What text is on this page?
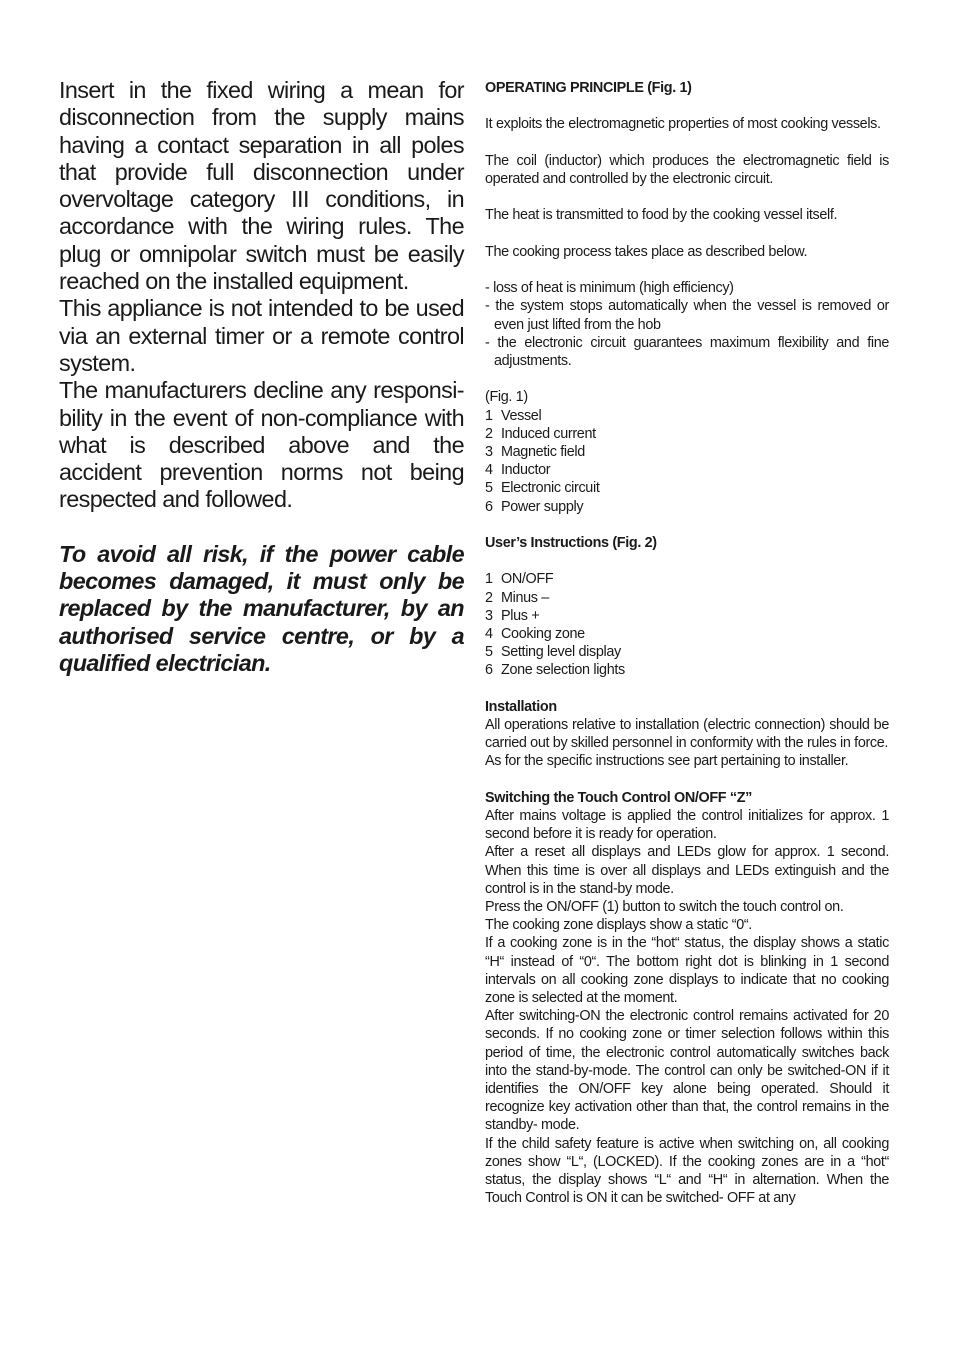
Insert in the fixed wiring a mean for disconnection from the supply mains having a contact separation in all poles that provide full disconnection under overvoltage category III conditions, in accordance with the wiring rules. The plug or omnipolar switch must be easily reached on the installed equipment.

This appliance is not intended to be used via an external timer or a remote control system.

The manufacturers decline any responsi-bility in the event of non-compliance with what is described above and the accident prevention norms not being respected and followed.

To avoid all risk, if the power cable becomes damaged, it must only be replaced by the manufacturer, by an authorised service centre, or by a qualified electrician.

OPERATING PRINCIPLE (Fig. 1)

It exploits the electromagnetic properties of most cooking vessels.

The coil (inductor) which produces the electromagnetic field is operated and controlled by the electronic circuit.

The heat is transmitted to food by the cooking vessel itself.

The cooking process takes place as described below.

- loss of heat is minimum (high efficiency)
- the system stops automatically when the vessel is removed or even just lifted from the hob
- the electronic circuit guarantees maximum flexibility and fine adjustments.

(Fig. 1)

1 Vessel
2 Induced current
3 Magnetic field
4 Inductor
5 Electronic circuit
6 Power supply

User’s Instructions (Fig. 2)

1 ON/OFF
2 Minus –
3 Plus +
4 Cooking zone
5 Setting level display
6 Zone selection lights

Installation

All operations relative to installation (electric connection) should be carried out by skilled personnel in conformity with the rules in force.

As for the specific instructions see part pertaining to installer.

Switching the Touch Control ON/OFF “Z”

After mains voltage is applied the control initializes for approx. 1 second before it is ready for operation.

After a reset all displays and LEDs glow for approx. 1 second. When this time is over all displays and LEDs extinguish and the control is in the stand-by mode.

Press the ON/OFF (1) button to switch the touch control on.

The cooking zone displays show a static “0“.

If a cooking zone is in the “hot“ status, the display shows a static “H“ instead of “0“. The bottom right dot is blinking in 1 second intervals on all cooking zone displays to indicate that no cooking zone is selected at the moment.

After switching-ON the electronic control remains activated for 20 seconds. If no cooking zone or timer selection follows within this period of time, the electronic control automatically switches back into the stand-by-mode. The control can only be switched-ON if it identifies the ON/OFF key alone being operated. Should it recognize key activation other than that, the control remains in the standby- mode.

If the child safety feature is active when switching on, all cooking zones show “L“, (LOCKED). If the cooking zones are in a “hot“ status, the display shows “L“ and “H“ in alternation. When the Touch Control is ON it can be switched- OFF at any
